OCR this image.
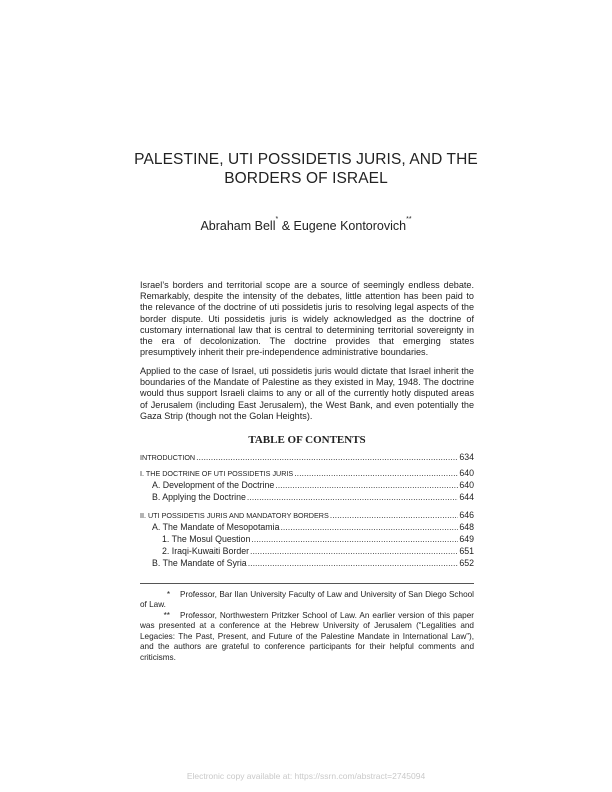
PALESTINE, UTI POSSIDETIS JURIS, AND THE
BORDERS OF ISRAEL
Abraham Bell* & Eugene Kontorovich**

Israel’s borders and territorial scope are a source of seemingly endless debate. Remarkably, despite the intensity of the debates, little attention has been paid to the relevance of the doctrine of uti possidetis juris to resolving legal aspects of the border dispute. Uti possidetis juris is widely acknowledged as the doctrine of customary international law that is central to determining territorial sovereignty in the era of decolonization. The doctrine provides that emerging states presumptively inherit their pre-independence administrative boundaries.

Applied to the case of Israel, uti possidetis juris would dictate that Israel inherit the boundaries of the Mandate of Palestine as they existed in May, 1948. The doctrine would thus support Israeli claims to any or all of the currently hotly disputed areas of Jerusalem (including East Jerusalem), the West Bank, and even potentially the Gaza Strip (though not the Golan Heights).

TABLE OF CONTENTS
INTRODUCTION .....	634
I. THE DOCTRINE OF UTI POSSIDETIS JURIS .....	640
A. Development of the Doctrine .....	640
B. Applying the Doctrine .....	644
II. UTI POSSIDETIS JURIS AND MANDATORY BORDERS .....	646
A. The Mandate of Mesopotamia .....	648
1. The Mosul Question .....	649
2. Iraqi-Kuwaiti Border .....	651
B. The Mandate of Syria .....	652
* Professor, Bar Ilan University Faculty of Law and University of San Diego School of Law.
** Professor, Northwestern Pritzker School of Law. An earlier version of this paper was presented at a conference at the Hebrew University of Jerusalem (“Legalities and Legacies: The Past, Present, and Future of the Palestine Mandate in International Law”), and the authors are grateful to conference participants for their helpful comments and criticisms.
Electronic copy available at: https://ssrn.com/abstract=2745094
